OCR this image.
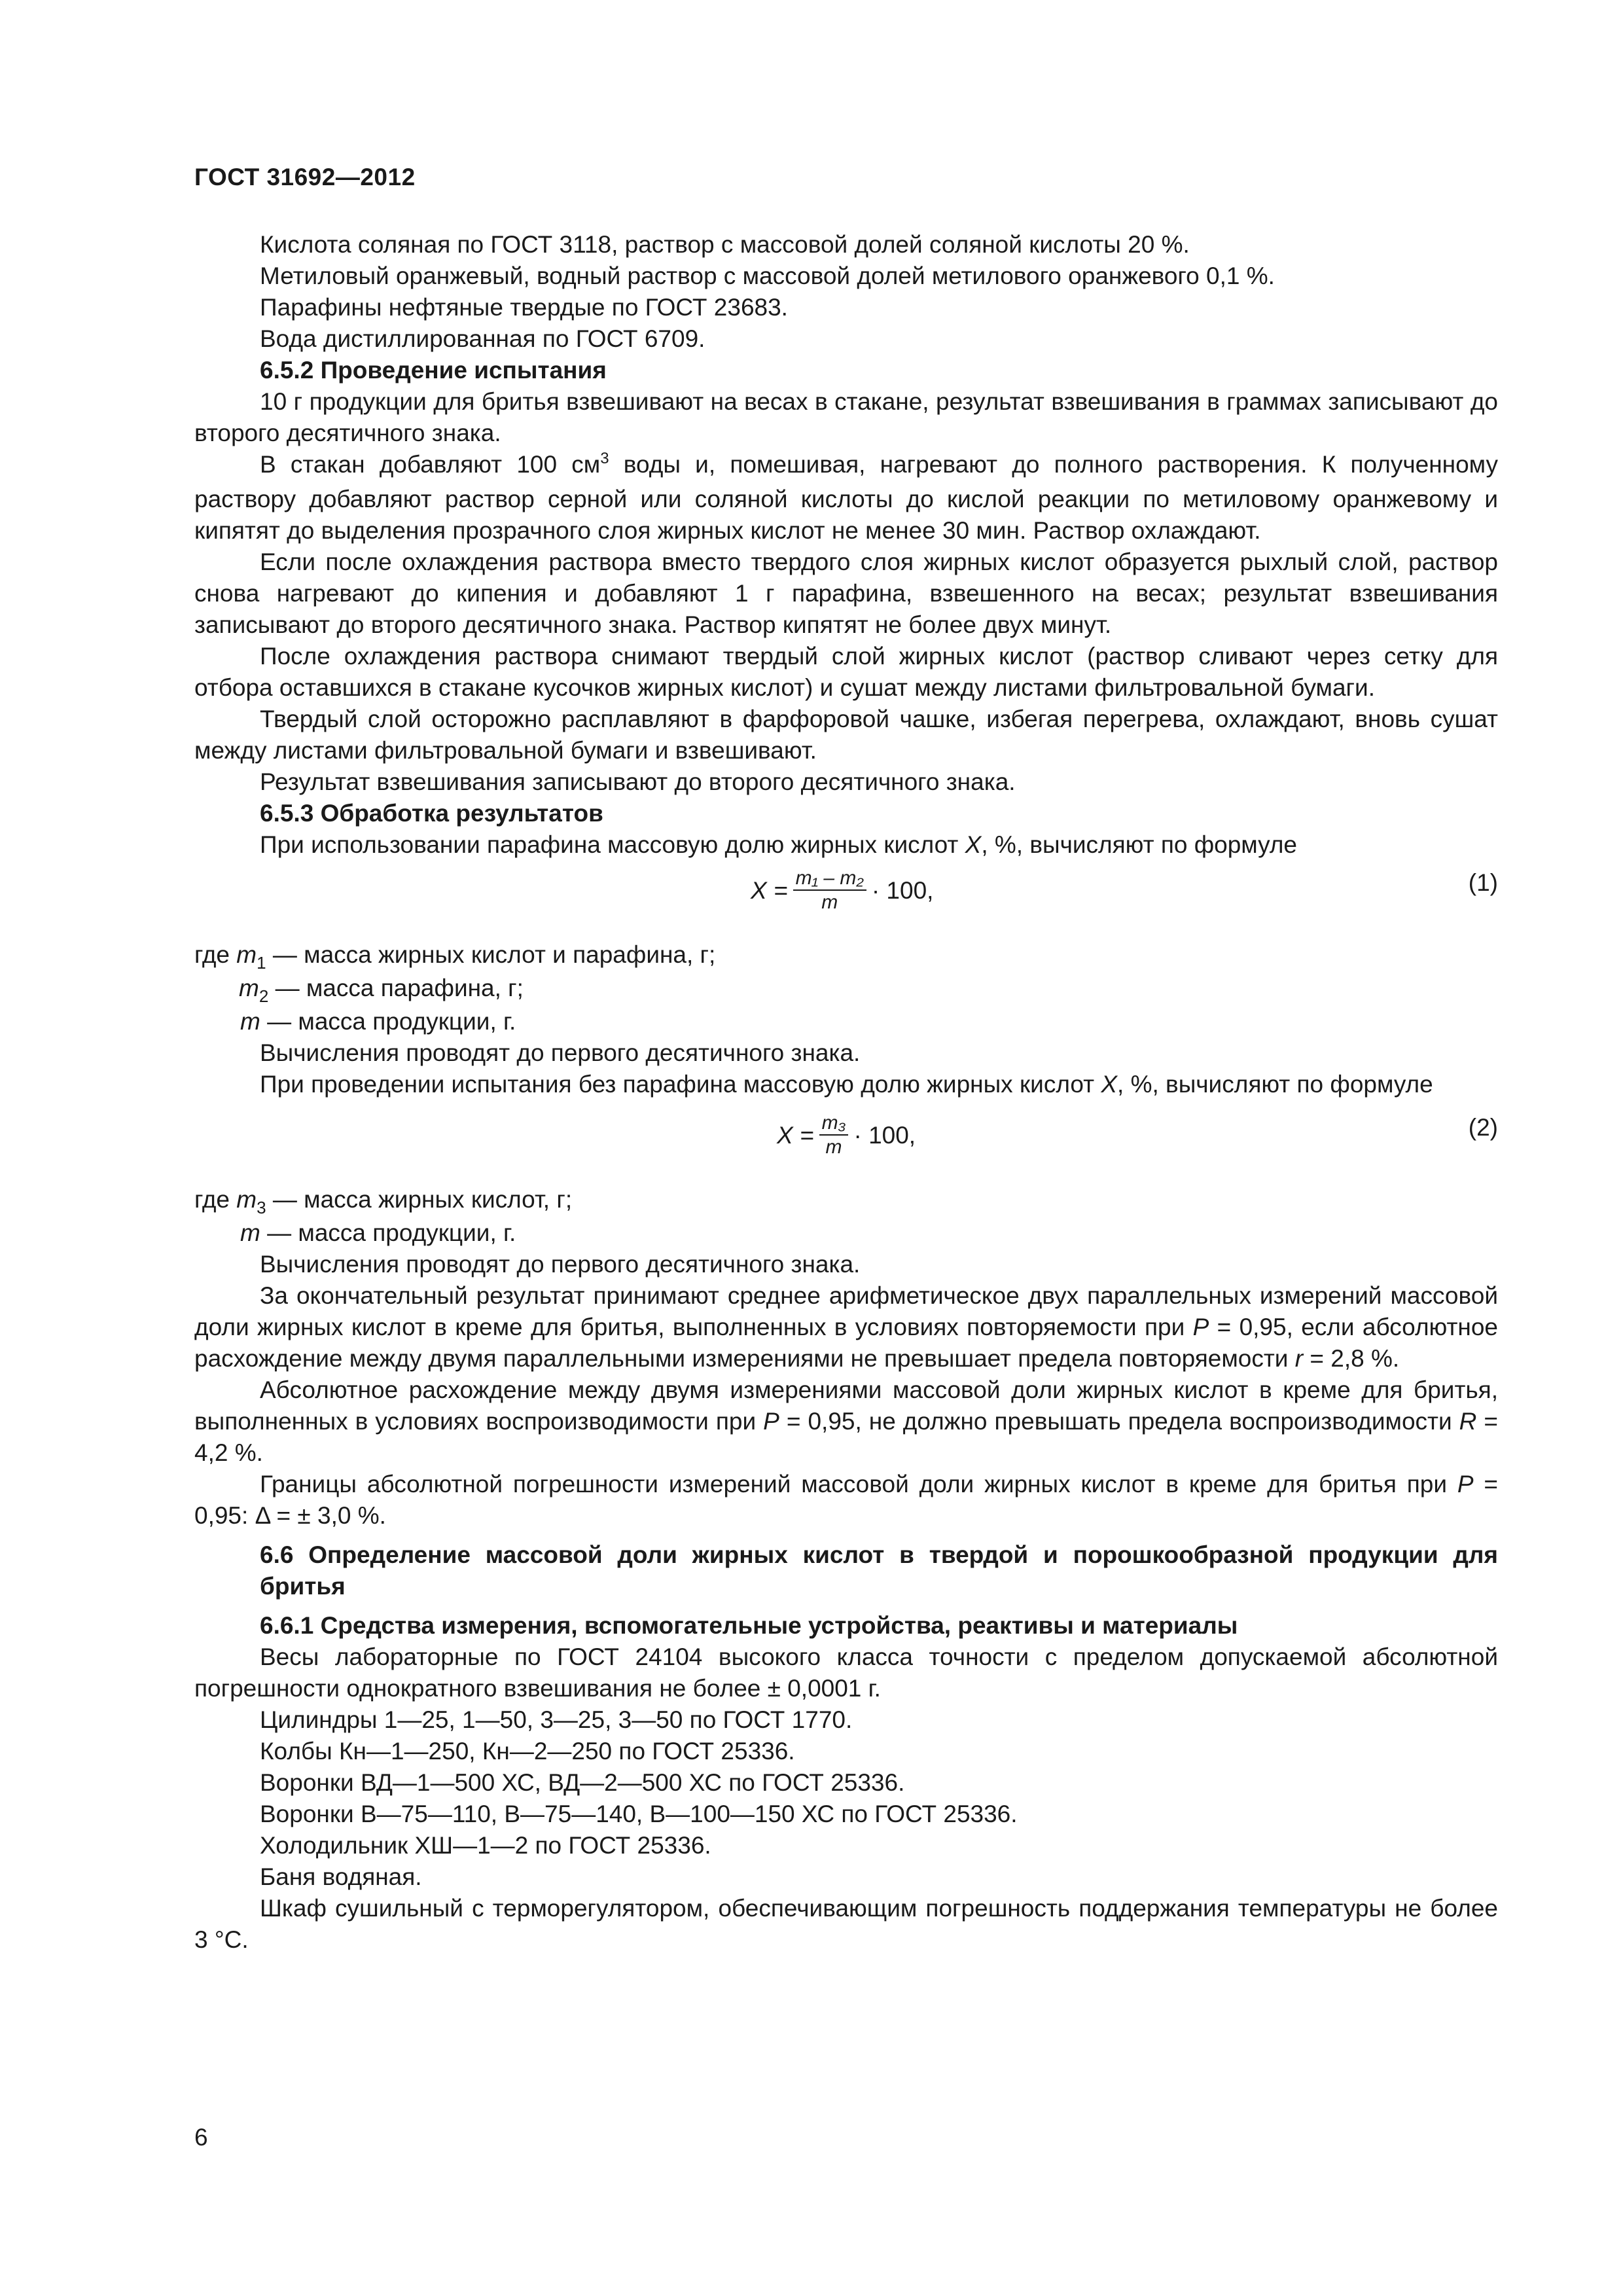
ГОСТ 31692—2012

Кислота соляная по ГОСТ 3118, раствор с массовой долей соляной кислоты 20 %.

Метиловый оранжевый, водный раствор с массовой долей метилового оранжевого 0,1 %.

Парафины нефтяные твердые по ГОСТ 23683.

Вода дистиллированная по ГОСТ 6709.

6.5.2 Проведение испытания

10 г продукции для бритья взвешивают на весах в стакане, результат взвешивания в граммах записывают до второго десятичного знака.

В стакан добавляют 100 $см^3$ воды и, помешивая, нагревают до полного растворения. К полученному раствору добавляют раствор серной или соляной кислоты до кислой реакции по метиловому оранжевому и кипятят до выделения прозрачного слоя жирных кислот не менее 30 мин. Раствор охлаждают.

Если после охлаждения раствора вместо твердого слоя жирных кислот образуется рыхлый слой, раствор снова нагревают до кипения и добавляют 1 г парафина, взвешенного на весах; результат взвешивания записывают до второго десятичного знака. Раствор кипятят не более двух минут.

После охлаждения раствора снимают твердый слой жирных кислот (раствор сливают через сетку для отбора оставшихся в стакане кусочков жирных кислот) и сушат между листами фильтровальной бумаги.

Твердый слой осторожно расплавляют в фарфоровой чашке, избегая перегрева, охлаждают, вновь сушат между листами фильтровальной бумаги и взвешивают.

Результат взвешивания записывают до второго десятичного знака.

6.5.3 Обработка результатов

При использовании парафина массовую долю жирных кислот X, %, вычисляют по формуле

$X = \frac{\text{m₁ – m₂}}{m} \cdot 100$,	(1)

где $m_1$ — масса жирных кислот и парафина, г;

$m_2$ — масса парафина, г;

m — масса продукции, г.

Вычисления проводят до первого десятичного знака.

При проведении испытания без парафина массовую долю жирных кислот X, %, вычисляют по формуле

$X = \frac{\text{m₃}}{m} \cdot 100$,	(2)

где $m_3$ — масса жирных кислот, г;

m — масса продукции, г.

Вычисления проводят до первого десятичного знака.

За окончательный результат принимают среднее арифметическое двух параллельных измерений массовой доли жирных кислот в креме для бритья, выполненных в условиях повторяемости при P = 0,95, если абсолютное расхождение между двумя параллельными измерениями не превышает предела повторяемости r = 2,8 %.

Абсолютное расхождение между двумя измерениями массовой доли жирных кислот в креме для бритья, выполненных в условиях воспроизводимости при P = 0,95, не должно превышать предела воспроизводимости R = 4,2 %.

Границы абсолютной погрешности измерений массовой доли жирных кислот в креме для бритья при P = 0,95: Δ = ± 3,0 %.

6.6 Определение массовой доли жирных кислот в твердой и порошкообразной продукции для бритья

6.6.1 Средства измерения, вспомогательные устройства, реактивы и материалы

Весы лабораторные по ГОСТ 24104 высокого класса точности с пределом допускаемой абсолютной погрешности однократного взвешивания не более ± 0,0001 г.

Цилиндры 1—25, 1—50, 3—25, 3—50 по ГОСТ 1770.

Колбы Кн—1—250, Кн—2—250 по ГОСТ 25336.

Воронки ВД—1—500 ХС, ВД—2—500 ХС по ГОСТ 25336.

Воронки В—75—110, В—75—140, В—100—150 ХС по ГОСТ 25336.

Холодильник ХШ—1—2 по ГОСТ 25336.

Баня водяная.

Шкаф сушильный с терморегулятором, обеспечивающим погрешность поддержания температуры не более 3 °С.

6
